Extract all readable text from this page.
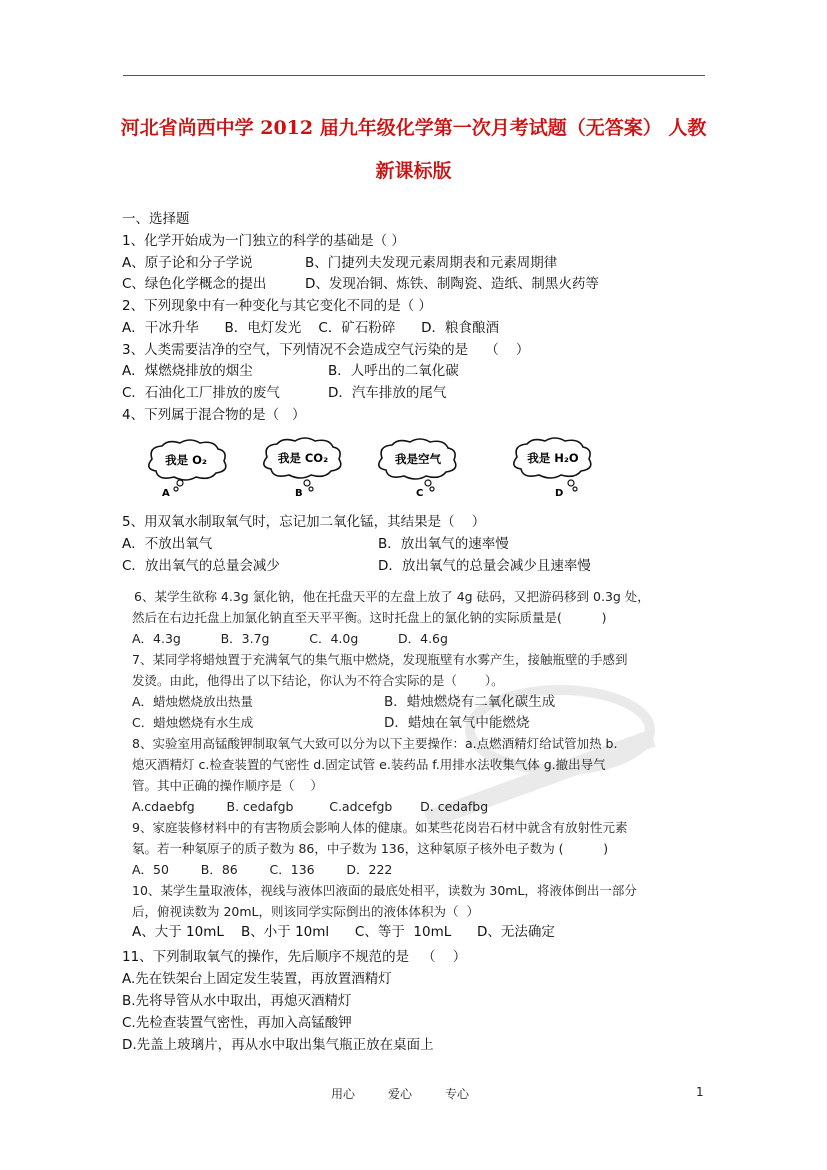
河北省尚西中学 2012 届九年级化学第一次月考试题（无答案） 人教
新课标版
一、选择题
1、化学开始成为一门独立的科学的基础是（ ）
A、原子论和分子学说	B、门捷列夫发现元素周期表和元素周期律
C、绿色化学概念的提出	D、发现冶铜、炼铁、制陶瓷、造纸、制黑火药等
2、下列现象中有一种变化与其它变化不同的是（ ）
A．干冰升华      B．电灯发光    C．矿石粉碎      D．粮食酿酒
3、人类需要洁净的空气，下列情况不会造成空气污染的是    （    ）
A．煤燃烧排放的烟尘	B．人呼出的二氧化碳
C．石油化工厂排放的废气	D．汽车排放的尾气
4、下列属于混合物的是（   ）
我是 O₂
A
我是 CO₂
B
我是空气
C
我是 H₂O
D
5、用双氧水制取氧气时，忘记加二氧化锰，其结果是（    ）
A．不放出氧气	B．放出氧气的速率慢
C．放出氧气的总量会减少	D．放出氧气的总量会减少且速率慢
6、某学生欲称 4.3g 氯化钠，他在托盘天平的左盘上放了 4g 砝码，又把游码移到 0.3g 处，
然后在右边托盘上加氯化钠直至天平平衡。这时托盘上的氯化钠的实际质量是(          )
A．4.3g          B．3.7g          C．4.0g          D．4.6g
7、某同学将蜡烛置于充满氧气的集气瓶中燃烧，发现瓶壁有水雾产生，接触瓶壁的手感到
发烫。由此，他得出了以下结论，你认为不符合实际的是（       ）。
A．蜡烛燃烧放出热量	B．蜡烛燃烧有二氧化碳生成
C．蜡烛燃烧有水生成	D．蜡烛在氧气中能燃烧
8、实验室用高锰酸钾制取氧气大致可以分为以下主要操作：a.点燃酒精灯给试管加热 b.
熄灭酒精灯 c.检查装置的气密性 d.固定试管 e.装药品 f.用排水法收集气体 g.撤出导气
管。其中正确的操作顺序是（    ）
A.cdaebfg        B. cedafgb         C.adcefgb       D. cedafbg
9、家庭装修材料中的有害物质会影响人体的健康。如某些花岗岩石材中就含有放射性元素
氡。若一种氡原子的质子数为 86，中子数为 136，这种氡原子核外电子数为 (          )
A．50        B．86        C．136        D．222
10、某学生量取液体，视线与液体凹液面的最底处相平，读数为 30mL，将液体倒出一部分
后，俯视读数为 20mL，则该同学实际倒出的液体体积为（  ）
A、大于 10mL    B、小于 10ml      C、等于  10mL      D、无法确定
11、下列制取氧气的操作，先后顺序不规范的是   （    ）
A.先在铁架台上固定发生装置，再放置酒精灯
B.先将导管从水中取出，再熄灭酒精灯
C.先检查装置气密性，再加入高锰酸钾
D.先盖上玻璃片，再从水中取出集气瓶正放在桌面上
用心	爱心	专心	1
